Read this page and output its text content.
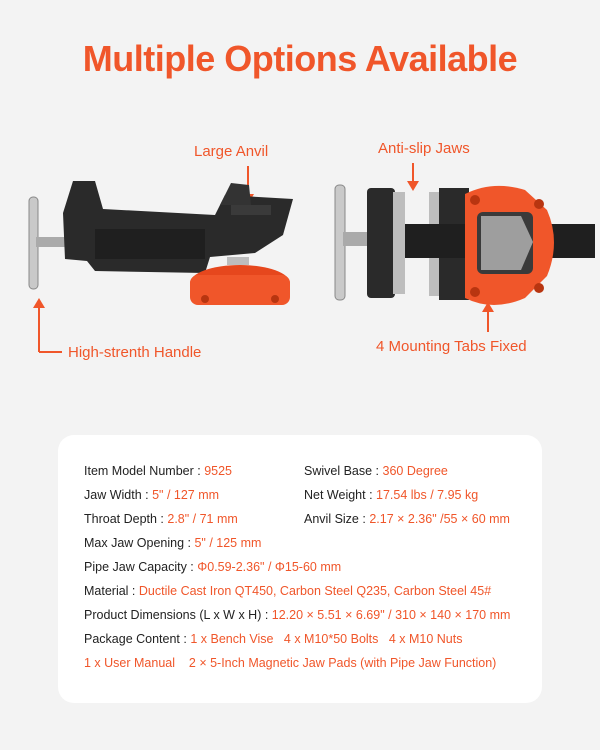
Multiple Options Available
Large Anvil	Anti-slip Jaws
High-strenth Handle	4 Mounting Tabs Fixed
Item Model Number : 9525	Swivel Base : 360 Degree
Jaw Width : 5" / 127 mm	Net Weight : 17.54 lbs / 7.95 kg
Throat Depth : 2.8" / 71 mm	Anvil Size : 2.17 × 2.36" /55 × 60 mm
Max Jaw Opening : 5" / 125 mm
Pipe Jaw Capacity : Φ0.59-2.36" / Φ15-60 mm
Material : Ductile Cast Iron QT450, Carbon Steel Q235, Carbon Steel 45#
Product Dimensions (L x W x H) : 12.20 × 5.51 × 6.69" / 310 × 140 × 170 mm
Package Content : 1 x Bench Vise   4 x M10*50 Bolts   4 x M10 Nuts
1 x User Manual    2 × 5-Inch Magnetic Jaw Pads (with Pipe Jaw Function)
